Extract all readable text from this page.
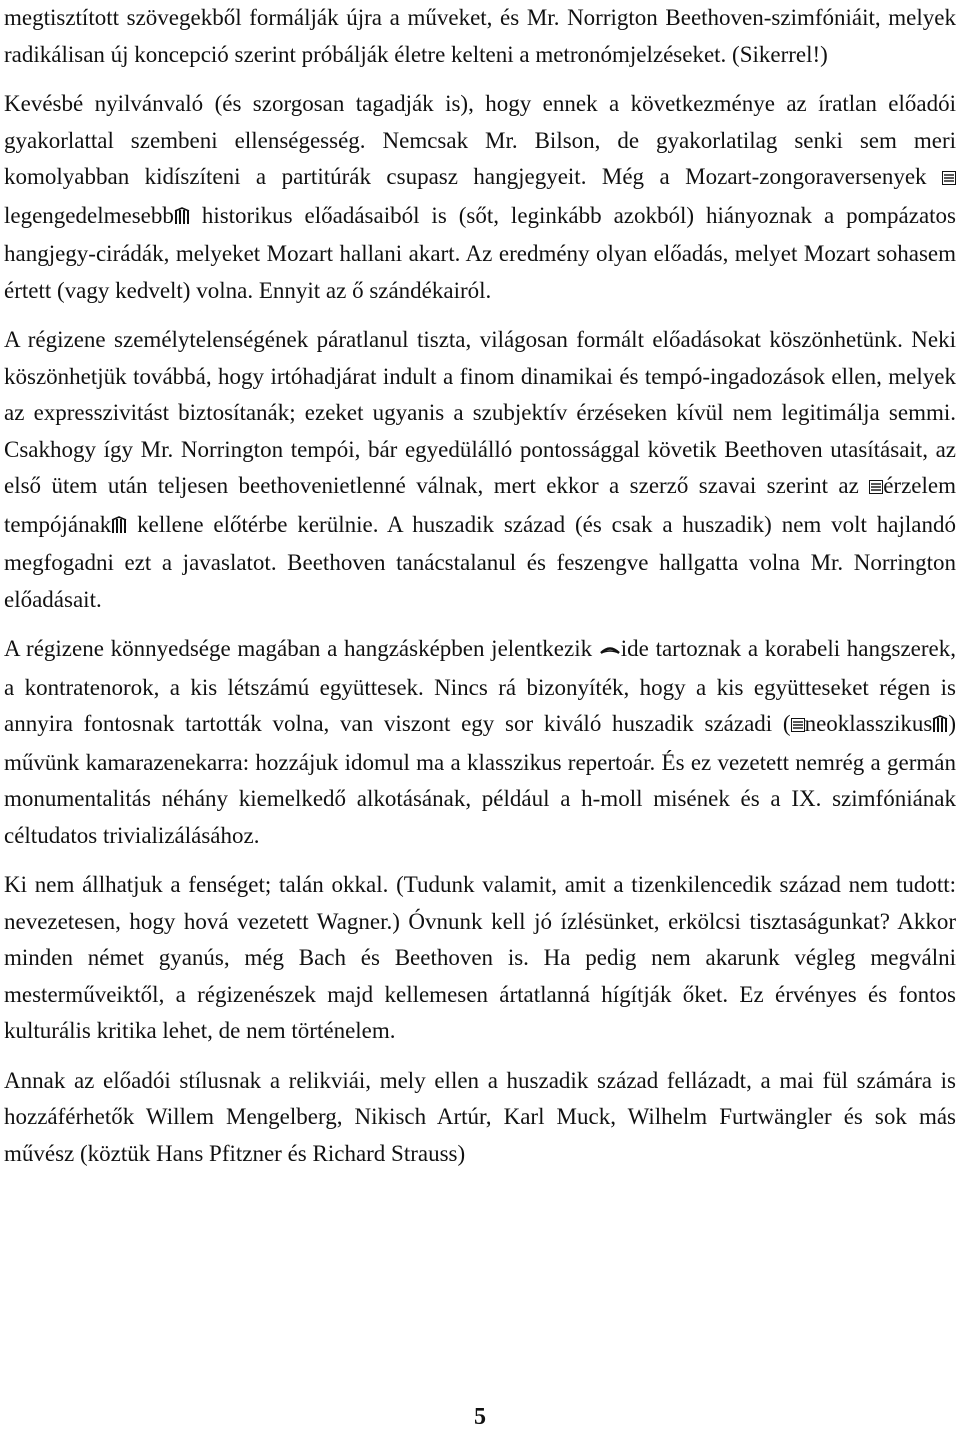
megtisztított szövegekből formálják újra a műveket, és Mr. Norrigton Beethoven-szimfóniáit, melyek radikálisan új koncepció szerint próbálják életre kelteni a metronómjelzéseket. (Sikerrel!)

Kevésbé nyilvánvaló (és szorgosan tagadják is), hogy ennek a következménye az íratlan előadói gyakorlattal szembeni ellenségesség. Nemcsak Mr. Bilson, de gyakorlatilag senki sem meri komolyabban kidíszíteni a partitúrák csupasz hangjegyeit. Még a Mozart-zongoraversenyek legengedelmesebb historikus előadásaiból is (sőt, leginkább azokból) hiányoznak a pompázatos hangjegy-cirádák, melyeket Mozart hallani akart. Az eredmény olyan előadás, melyet Mozart sohasem értett (vagy kedvelt) volna. Ennyit az ő szándékairól.

A régizene személytelenségének páratlanul tiszta, világosan formált előadásokat köszönhetünk. Neki köszönhetjük továbbá, hogy irtóhadjárat indult a finom dinamikai és tempó-ingadozások ellen, melyek az expresszivitást biztosítanák; ezeket ugyanis a szubjektív érzéseken kívül nem legitimálja semmi. Csakhogy így Mr. Norrington tempói, bár egyedülálló pontossággal követik Beethoven utasításait, az első ütem után teljesen beethovenietlenné válnak, mert ekkor a szerző szavai szerint az érzelem tempójának kellene előtérbe kerülnie. A huszadik század (és csak a huszadik) nem volt hajlandó megfogadni ezt a javaslatot. Beethoven tanácstalanul és feszengve hallgatta volna Mr. Norrington előadásait.

A régizene könnyedsége magában a hangzásképben jelentkezik ide tartoznak a korabeli hangszerek, a kontratenorok, a kis létszámú együttesek. Nincs rá bizonyíték, hogy a kis együtteseket régen is annyira fontosnak tartották volna, van viszont egy sor kiváló huszadik századi ( neoklasszikus ) művünk kamarazenekarra: hozzájuk idomul ma a klasszikus repertoár. És ez vezetett nemrég a germán monumentalitás néhány kiemelkedő alkotásának, például a h-moll misének és a IX. szimfóniának céltudatos trivializálásához.

Ki nem állhatjuk a fenséget; talán okkal. (Tudunk valamit, amit a tizenkilencedik század nem tudott: nevezetesen, hogy hová vezetett Wagner.) Óvnunk kell jó ízlésünket, erkölcsi tisztaságunkat? Akkor minden német gyanús, még Bach és Beethoven is. Ha pedig nem akarunk végleg megválni mesterműveiktől, a régizenészek majd kellemesen ártatlanná hígítják őket. Ez érvényes és fontos kulturális kritika lehet, de nem történelem.

Annak az előadói stílusnak a relikviái, mely ellen a huszadik század fellázadt, a mai fül számára is hozzáférhetők Willem Mengelberg, Nikisch Artúr, Karl Muck, Wilhelm Furtwängler és sok más művész (köztük Hans Pfitzner és Richard Strauss)

5
